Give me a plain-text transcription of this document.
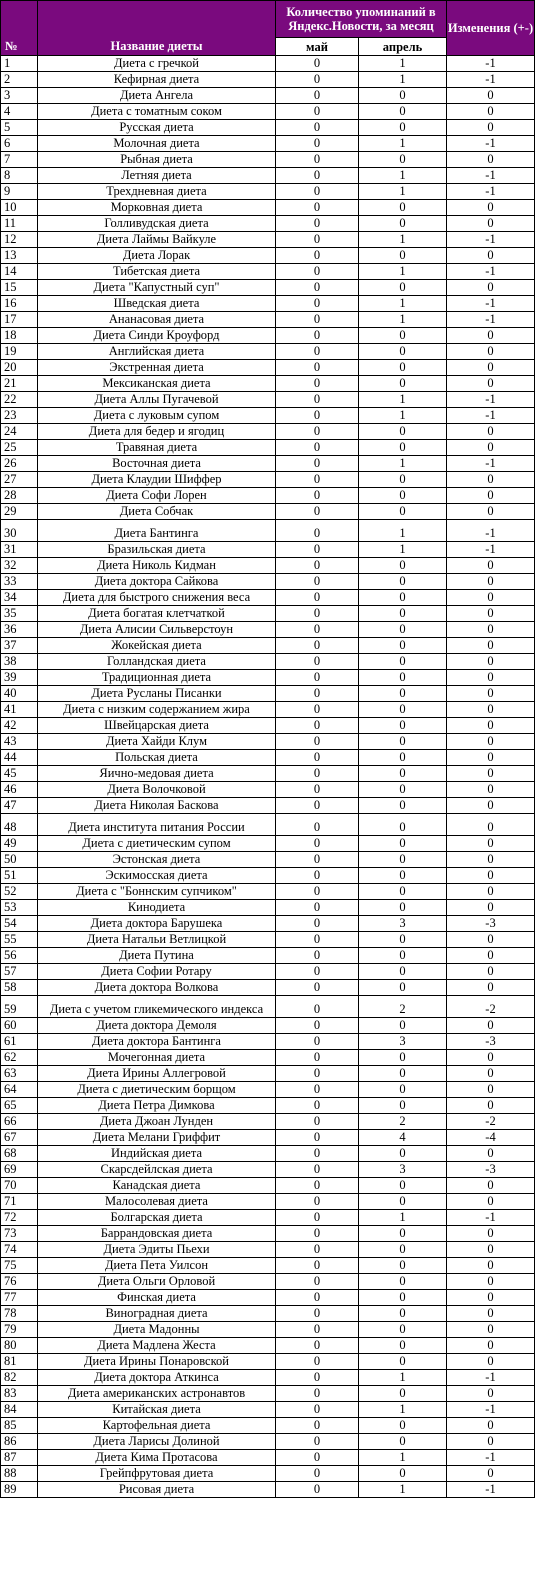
№	Название диеты	Количество упоминаний в Яндекс.Новости, за месяц		Изменения (+-)
		май	апрель	
1	Диета с гречкой	0	1	-1
2	Кефирная диета	0	1	-1
3	Диета Ангела	0	0	0
4	Диета с томатным соком	0	0	0
5	Русская диета	0	0	0
6	Молочная диета	0	1	-1
7	Рыбная диета	0	0	0
8	Летняя диета	0	1	-1
9	Трехдневная диета	0	1	-1
10	Морковная диета	0	0	0
11	Голливудская диета	0	0	0
12	Диета Лаймы Вайкуле	0	1	-1
13	Диета Лорак	0	0	0
14	Тибетская диета	0	1	-1
15	Диета "Капустный суп"	0	0	0
16	Шведская диета	0	1	-1
17	Ананасовая диета	0	1	-1
18	Диета Синди Кроуфорд	0	0	0
19	Английская диета	0	0	0
20	Экстренная диета	0	0	0
21	Мексиканская диета	0	0	0
22	Диета Аллы Пугачевой	0	1	-1
23	Диета с луковым супом	0	1	-1
24	Диета для бедер и ягодиц	0	0	0
25	Травяная диета	0	0	0
26	Восточная диета	0	1	-1
27	Диета Клаудии Шиффер	0	0	0
28	Диета Софи Лорен	0	0	0
29	Диета Собчак	0	0	0
30	Диета Бантинга	0	1	-1
31	Бразильская диета	0	1	-1
32	Диета Николь Кидман	0	0	0
33	Диета доктора Сайкова	0	0	0
34	Диета для быстрого снижения веса	0	0	0
35	Диета богатая клетчаткой	0	0	0
36	Диета Алисии Сильверстоун	0	0	0
37	Жокейская диета	0	0	0
38	Голландская диета	0	0	0
39	Традиционная диета	0	0	0
40	Диета Русланы Писанки	0	0	0
41	Диета с низким содержанием жира	0	0	0
42	Швейцарская диета	0	0	0
43	Диета Хайди Клум	0	0	0
44	Польская диета	0	0	0
45	Яично-медовая диета	0	0	0
46	Диета Волочковой	0	0	0
47	Диета Николая Баскова	0	0	0
48	Диета института питания России	0	0	0
49	Диета с диетическим супом	0	0	0
50	Эстонская диета	0	0	0
51	Эскимосская диета	0	0	0
52	Диета с "Боннским супчиком"	0	0	0
53	Кинодиета	0	0	0
54	Диета доктора Барушека	0	3	-3
55	Диета Натальи Ветлицкой	0	0	0
56	Диета Путина	0	0	0
57	Диета Софии Ротару	0	0	0
58	Диета доктора Волкова	0	0	0
59	Диета с учетом гликемического индекса	0	2	-2
60	Диета доктора Демоля	0	0	0
61	Диета доктора Бантинга	0	3	-3
62	Мочегонная диета	0	0	0
63	Диета Ирины Аллегровой	0	0	0
64	Диета с диетическим борщом	0	0	0
65	Диета Петра Димкова	0	0	0
66	Диета Джоан Лунден	0	2	-2
67	Диета Мелани Гриффит	0	4	-4
68	Индийская диета	0	0	0
69	Скарсдейлская диета	0	3	-3
70	Канадская диета	0	0	0
71	Малосолевая диета	0	0	0
72	Болгарская диета	0	1	-1
73	Баррандовская диета	0	0	0
74	Диета Эдиты Пьехи	0	0	0
75	Диета Пета Уилсон	0	0	0
76	Диета Ольги Орловой	0	0	0
77	Финская диета	0	0	0
78	Виноградная диета	0	0	0
79	Диета Мадонны	0	0	0
80	Диета Мадлена Жеста	0	0	0
81	Диета Ирины Понаровской	0	0	0
82	Диета доктора Аткинса	0	1	-1
83	Диета американских астронавтов	0	0	0
84	Китайская диета	0	1	-1
85	Картофельная диета	0	0	0
86	Диета Ларисы Долиной	0	0	0
87	Диета Кима Протасова	0	1	-1
88	Грейпфрутовая диета	0	0	0
89	Рисовая диета	0	1	-1
